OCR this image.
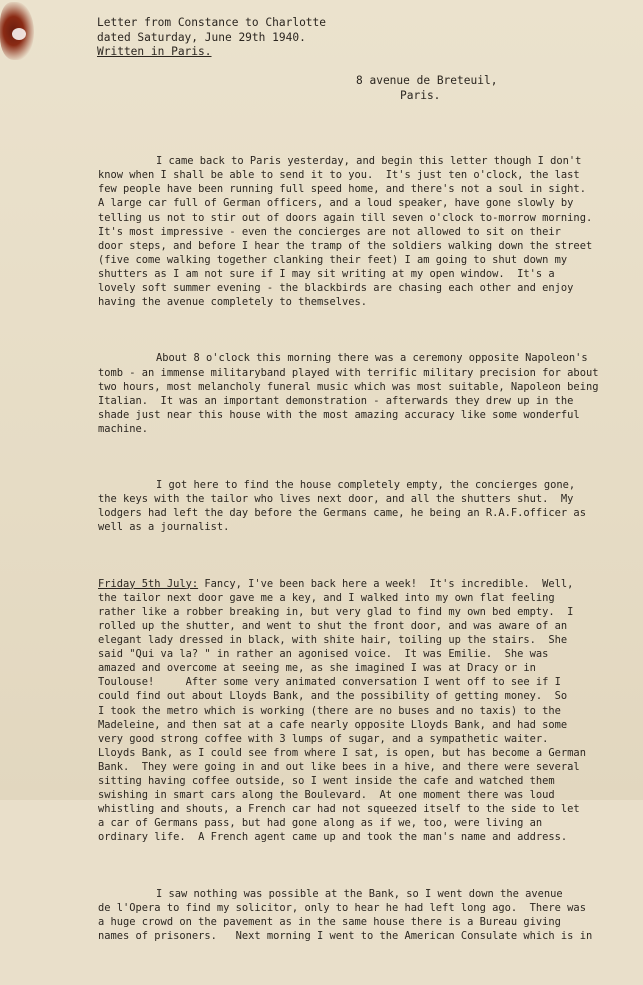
Letter from Constance to Charlotte
dated Saturday, June 29th 1940.
Written in Paris.
8 avenue de Breteuil,
Paris.

I came back to Paris yesterday, and begin this letter though I don't
know when I shall be able to send it to you.  It's just ten o'clock, the last
few people have been running full speed home, and there's not a soul in sight.
A large car full of German officers, and a loud speaker, have gone slowly by
telling us not to stir out of doors again till seven o'clock to-morrow morning.
It's most impressive - even the concierges are not allowed to sit on their
door steps, and before I hear the tramp of the soldiers walking down the street
(five come walking together clanking their feet) I am going to shut down my
shutters as I am not sure if I may sit writing at my open window.  It's a
lovely soft summer evening - the blackbirds are chasing each other and enjoy
having the avenue completely to themselves.

About 8 o'clock this morning there was a ceremony opposite Napoleon's
tomb - an immense militaryband played with terrific military precision for about
two hours, most melancholy funeral music which was most suitable, Napoleon being
Italian.  It was an important demonstration - afterwards they drew up in the
shade just near this house with the most amazing accuracy like some wonderful
machine.

I got here to find the house completely empty, the concierges gone,
the keys with the tailor who lives next door, and all the shutters shut.  My
lodgers had left the day before the Germans came, he being an R.A.F.officer as
well as a journalist.

Friday 5th July: Fancy, I've been back here a week!  It's incredible.  Well,
the tailor next door gave me a key, and I walked into my own flat feeling
rather like a robber breaking in, but very glad to find my own bed empty.  I
rolled up the shutter, and went to shut the front door, and was aware of an
elegant lady dressed in black, with shite hair, toiling up the stairs.  She
said "Qui va la? " in rather an agonised voice.  It was Emilie.  She was
amazed and overcome at seeing me, as she imagined I was at Dracy or in
Toulouse!     After some very animated conversation I went off to see if I
could find out about Lloyds Bank, and the possibility of getting money.  So
I took the metro which is working (there are no buses and no taxis) to the
Madeleine, and then sat at a cafe nearly opposite Lloyds Bank, and had some
very good strong coffee with 3 lumps of sugar, and a sympathetic waiter.
Lloyds Bank, as I could see from where I sat, is open, but has become a German
Bank.  They were going in and out like bees in a hive, and there were several
sitting having coffee outside, so I went inside the cafe and watched them
swishing in smart cars along the Boulevard.  At one moment there was loud
whistling and shouts, a French car had not squeezed itself to the side to let
a car of Germans pass, but had gone along as if we, too, were living an
ordinary life.  A French agent came up and took the man's name and address.

I saw nothing was possible at the Bank, so I went down the avenue
de l'Opera to find my solicitor, only to hear he had left long ago.  There was
a huge crowd on the pavement as in the same house there is a Bureau giving
names of prisoners.   Next morning I went to the American Consulate which is in
